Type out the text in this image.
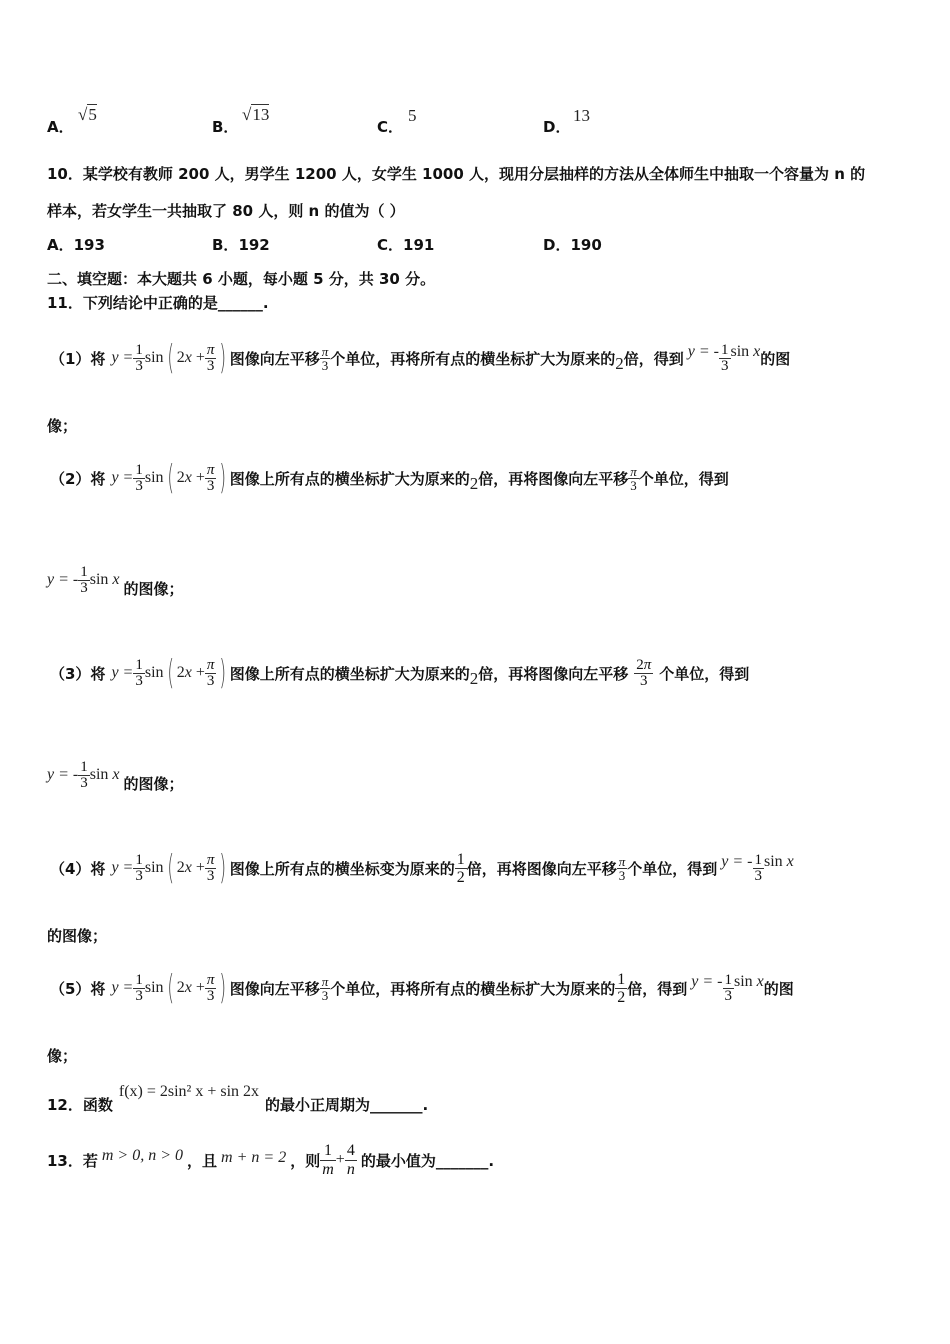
A．
√5
B．
√13
C．
5
D．
13
10．某学校有教师 200 人，男学生 1200 人，女学生 1000 人，现用分层抽样的方法从全体师生中抽取一个容量为 n 的
样本，若女学生一共抽取了 80 人，则 n 的值为（ ）
A．193	B．192	C．191	D．190
二、填空题：本大题共 6 小题，每小题 5 分，共 30 分。
11．下列结论中正确的是______.
（1）将 $y = \frac{1}{3}$ sin ( $2x + \frac{\pi}{3}$ ) 图像向左平移 $\frac{\pi}{3}$ 个单位，再将所有点的横坐标扩大为原来的 2 倍，得到 y = - $\frac{1}{3}$ sin x 的图
像；
（2）将 $y = \frac{1}{3}$ sin ( $2x + \frac{\pi}{3}$ ) 图像上所有点的横坐标扩大为原来的 2 倍，再将图像向左平移 $\frac{\pi}{3}$ 个单位，得到
y = - $\frac{1}{3}$ sin x 的图像；
（3）将 $y = \frac{1}{3}$ sin ( $2x + \frac{\pi}{3}$ ) 图像上所有点的横坐标扩大为原来的 2 倍，再将图像向左平移 $\frac{2\pi}{3}$ 个单位，得到
y = - $\frac{1}{3}$ sin x 的图像；
（4）将 $y = \frac{1}{3}$ sin ( $2x + \frac{\pi}{3}$ ) 图像上所有点的横坐标变为原来的 $\frac{1}{2}$ 倍，再将图像向左平移 $\frac{\pi}{3}$ 个单位，得到 y = - $\frac{1}{3}$ sin x
的图像；
（5）将 $y = \frac{1}{3}$ sin ( $2x + \frac{\pi}{3}$ ) 图像向左平移 $\frac{\pi}{3}$ 个单位，再将所有点的横坐标扩大为原来的 $\frac{1}{2}$ 倍，得到 y = - $\frac{1}{3}$ sin x 的图
像；
12．函数
f(x) = 2sin² x + sin 2x
的最小正周期为_______.
13．若 m > 0, n > 0 ，且 m + n = 2 ，则 $\frac{1}{m} + \frac{4}{n}$ 的最小值为_______.
